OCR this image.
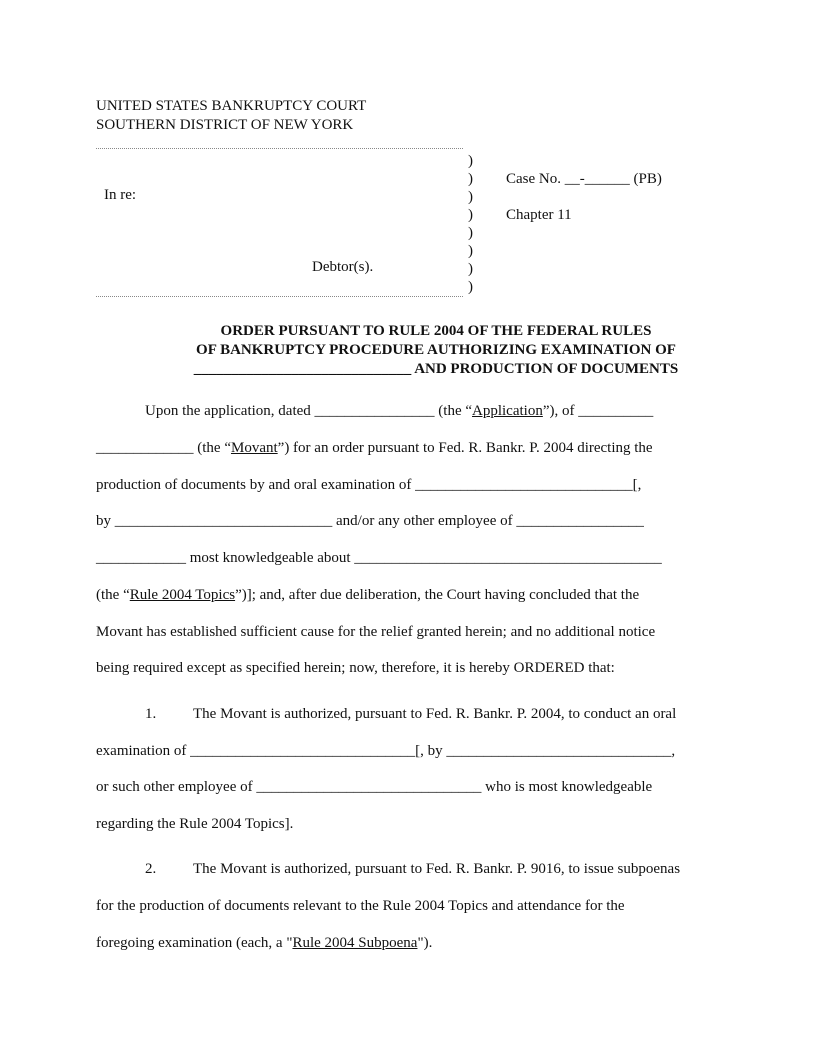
UNITED STATES BANKRUPTCY COURT
SOUTHERN DISTRICT OF NEW YORK
In re:
Debtor(s).
)
)
)
)
)
)
)
)
Case No. __-______ (PB)
Chapter 11
ORDER PURSUANT TO RULE 2004 OF THE FEDERAL RULES
OF BANKRUPTCY PROCEDURE AUTHORIZING EXAMINATION OF
_____________________________ AND PRODUCTION OF DOCUMENTS
Upon the application, dated ________________ (the “Application”), of __________
_____________ (the “Movant”) for an order pursuant to Fed. R. Bankr. P. 2004 directing the
production of documents by and oral examination of _____________________________[,
by _____________________________ and/or any other employee of _________________
____________ most knowledgeable about _________________________________________
(the “Rule 2004 Topics”)]; and, after due deliberation, the Court having concluded that the
Movant has established sufficient cause for the relief granted herein; and no additional notice
being required except as specified herein; now, therefore, it is hereby ORDERED that:
1. The Movant is authorized, pursuant to Fed. R. Bankr. P. 2004, to conduct an oral
examination of ______________________________[, by ______________________________,
or such other employee of ______________________________ who is most knowledgeable
regarding the Rule 2004 Topics].
2. The Movant is authorized, pursuant to Fed. R. Bankr. P. 9016, to issue subpoenas
for the production of documents relevant to the Rule 2004 Topics and attendance for the
foregoing examination (each, a "Rule 2004 Subpoena").
